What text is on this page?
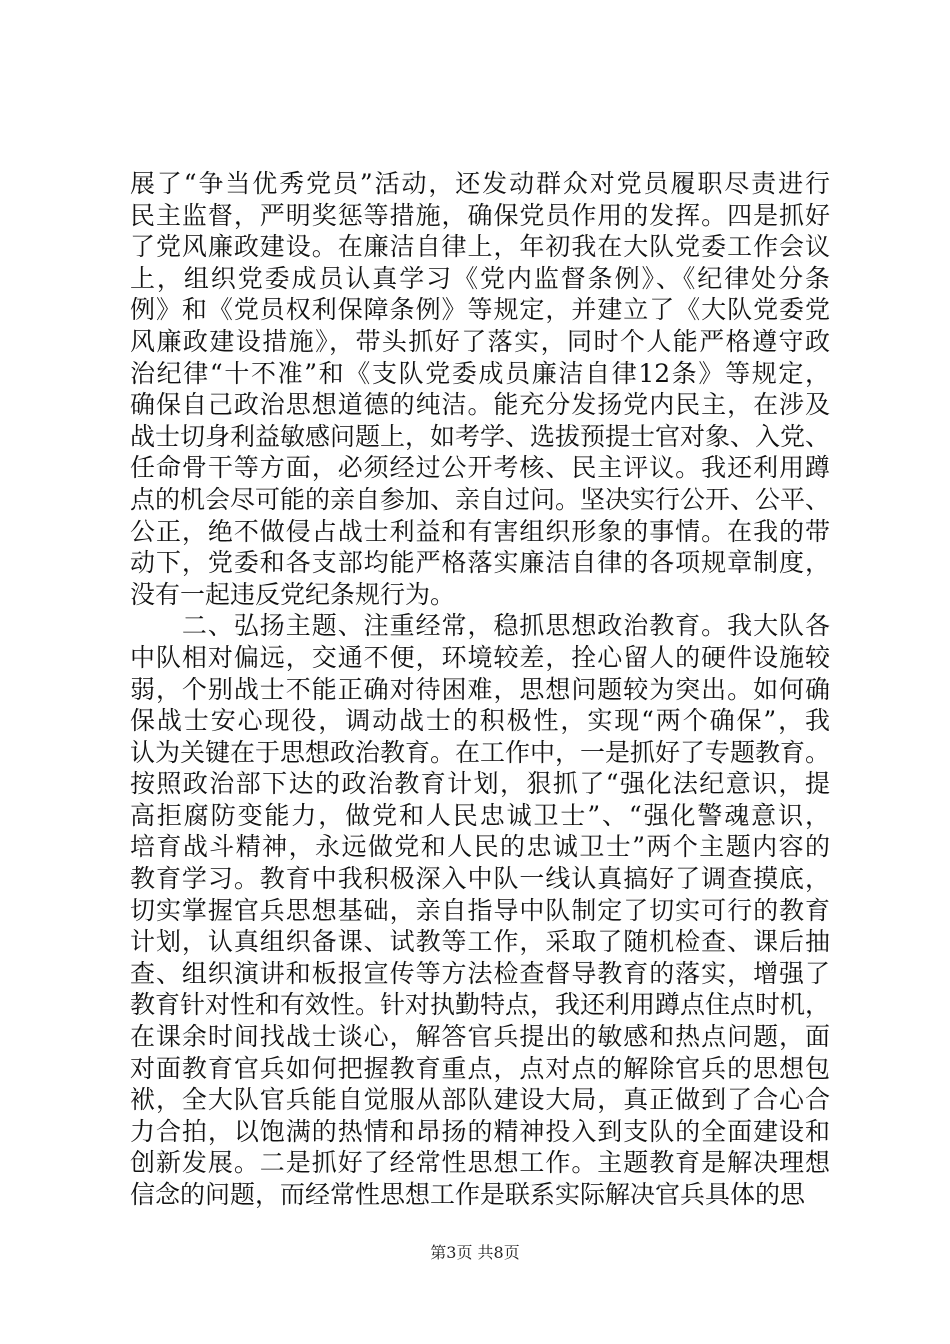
展了“争当优秀党员”活动，还发动群众对党员履职尽责进行
民主监督，严明奖惩等措施，确保党员作用的发挥。四是抓好
了党风廉政建设。在廉洁自律上，年初我在大队党委工作会议
上，组织党委成员认真学习《党内监督条例》、《纪律处分条
例》和《党员权利保障条例》等规定，并建立了《大队党委党
风廉政建设措施》，带头抓好了落实，同时个人能严格遵守政
治纪律“十不准”和《支队党委成员廉洁自律12条》等规定，
确保自己政治思想道德的纯洁。能充分发扬党内民主，在涉及
战士切身利益敏感问题上，如考学、选拔预提士官对象、入党、
任命骨干等方面，必须经过公开考核、民主评议。我还利用蹲
点的机会尽可能的亲自参加、亲自过问。坚决实行公开、公平、
公正，绝不做侵占战士利益和有害组织形象的事情。在我的带
动下，党委和各支部均能严格落实廉洁自律的各项规章制度，
没有一起违反党纪条规行为。
　　二、弘扬主题、注重经常，稳抓思想政治教育。我大队各
中队相对偏远，交通不便，环境较差，拴心留人的硬件设施较
弱，个别战士不能正确对待困难，思想问题较为突出。如何确
保战士安心现役，调动战士的积极性，实现“两个确保”，我
认为关键在于思想政治教育。在工作中，一是抓好了专题教育。
按照政治部下达的政治教育计划，狠抓了“强化法纪意识，提
高拒腐防变能力，做党和人民忠诚卫士”、“强化警魂意识，
培育战斗精神，永远做党和人民的忠诚卫士”两个主题内容的
教育学习。教育中我积极深入中队一线认真搞好了调查摸底，
切实掌握官兵思想基础，亲自指导中队制定了切实可行的教育
计划，认真组织备课、试教等工作，采取了随机检查、课后抽
查、组织演讲和板报宣传等方法检查督导教育的落实，增强了
教育针对性和有效性。针对执勤特点，我还利用蹲点住点时机，
在课余时间找战士谈心，解答官兵提出的敏感和热点问题，面
对面教育官兵如何把握教育重点，点对点的解除官兵的思想包
袱，全大队官兵能自觉服从部队建设大局，真正做到了合心合
力合拍，以饱满的热情和昂扬的精神投入到支队的全面建设和
创新发展。二是抓好了经常性思想工作。主题教育是解决理想
信念的问题，而经常性思想工作是联系实际解决官兵具体的思
第3页 共8页
